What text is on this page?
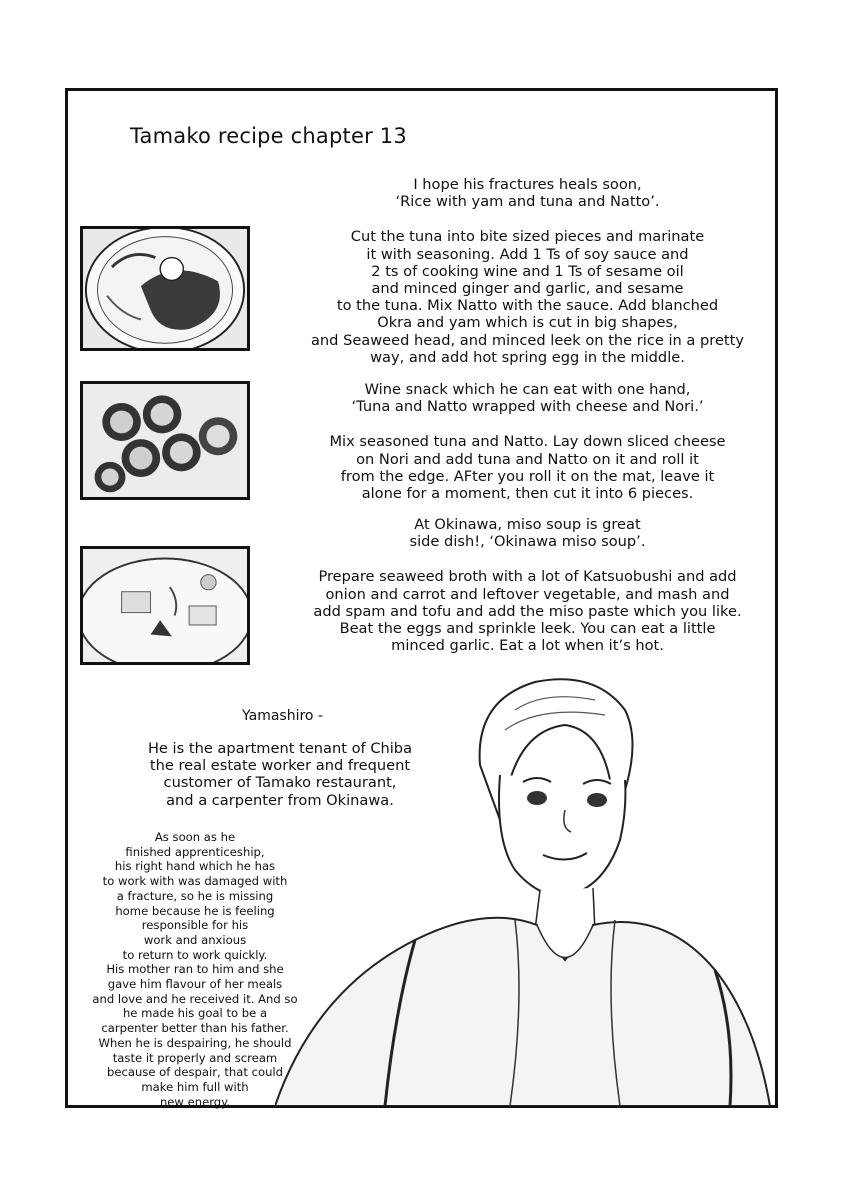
Tamako recipe chapter 13

I hope his fractures heals soon,

‘Rice with yam and tuna and Natto’.

Cut the tuna into bite sized pieces and marinate

it with seasoning. Add 1 Ts of soy sauce and

2 ts of cooking wine and 1 Ts of sesame oil

and minced ginger and garlic, and sesame

to the tuna. Mix Natto with the sauce. Add blanched

Okra and yam which is cut in big shapes,

and Seaweed head, and minced leek on the rice in a pretty

way, and add hot spring egg in the middle.

Wine snack which he can eat with one hand,

‘Tuna and Natto wrapped with cheese and Nori.’

Mix seasoned tuna and Natto. Lay down sliced cheese

on Nori and add tuna and Natto on it and roll it

from the edge. AFter you roll it on the mat, leave it

alone for a moment, then cut it into 6 pieces.

At Okinawa, miso soup is great

side dish!, ‘Okinawa miso soup’.

Prepare seaweed broth with a lot of Katsuobushi and add

onion and carrot and leftover vegetable, and mash and

add spam and tofu and add the miso paste which you like.

Beat the eggs and sprinkle leek. You can eat a little

minced garlic. Eat a lot when it’s hot.

Yamashiro -

He is the apartment tenant of Chiba

the real estate worker and frequent

customer of Tamako restaurant,

and a carpenter from Okinawa.

As soon as he

finished apprenticeship,

his right hand which he has

to work with was damaged with

a fracture, so he is missing

home because he is feeling

responsible for his

work and anxious

to return to work quickly.

His mother ran to him and she

gave him flavour of her meals

and love and he received it. And so

he made his goal to be a

carpenter better than his father.

When he is despairing, he should

taste it properly and scream

because of despair, that could

make him full with

new energy.
